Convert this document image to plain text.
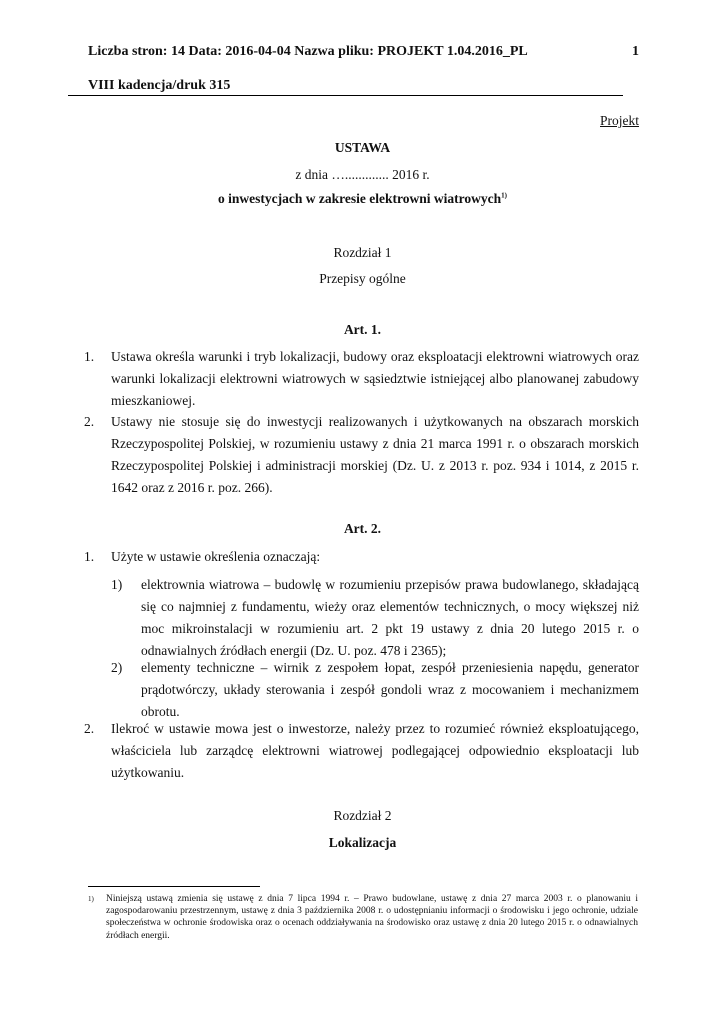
Liczba stron: 14 Data: 2016-04-04 Nazwa pliku: PROJEKT 1.04.2016_PL	1
VIII kadencja/druk 315
Projekt
USTAWA
z dnia …............. 2016 r.
o inwestycjach w zakresie elektrowni wiatrowych$^{1)}$
Rozdział 1
Przepisy ogólne
Art. 1.
1. Ustawa określa warunki i tryb lokalizacji, budowy oraz eksploatacji elektrowni wiatrowych oraz warunki lokalizacji elektrowni wiatrowych w sąsiedztwie istniejącej albo planowanej zabudowy mieszkaniowej.
2. Ustawy nie stosuje się do inwestycji realizowanych i użytkowanych na obszarach morskich Rzeczypospolitej Polskiej, w rozumieniu ustawy z dnia 21 marca 1991 r. o obszarach morskich Rzeczypospolitej Polskiej i administracji morskiej (Dz. U. z 2013 r. poz. 934 i 1014, z 2015 r. 1642 oraz z 2016 r. poz. 266).
Art. 2.
1. Użyte w ustawie określenia oznaczają:
1) elektrownia wiatrowa – budowlę w rozumieniu przepisów prawa budowlanego, składającą się co najmniej z fundamentu, wieży oraz elementów technicznych, o mocy większej niż moc mikroinstalacji w rozumieniu art. 2 pkt 19 ustawy z dnia 20 lutego 2015 r. o odnawialnych źródłach energii (Dz. U. poz. 478 i 2365);
2) elementy techniczne – wirnik z zespołem łopat, zespół przeniesienia napędu, generator prądotwórczy, układy sterowania i zespół gondoli wraz z mocowaniem i mechanizmem obrotu.
2. Ilekroć w ustawie mowa jest o inwestorze, należy przez to rozumieć również eksploatującego, właściciela lub zarządcę elektrowni wiatrowej podlegającej odpowiednio eksploatacji lub użytkowaniu.
Rozdział 2
Lokalizacja
1) Niniejszą ustawą zmienia się ustawę z dnia 7 lipca 1994 r. – Prawo budowlane, ustawę z dnia 27 marca 2003 r. o planowaniu i zagospodarowaniu przestrzennym, ustawę z dnia 3 października 2008 r. o udostępnianiu informacji o środowisku i jego ochronie, udziale społeczeństwa w ochronie środowiska oraz o ocenach oddziaływania na środowisko oraz ustawę z dnia 20 lutego 2015 r. o odnawialnych źródłach energii.
